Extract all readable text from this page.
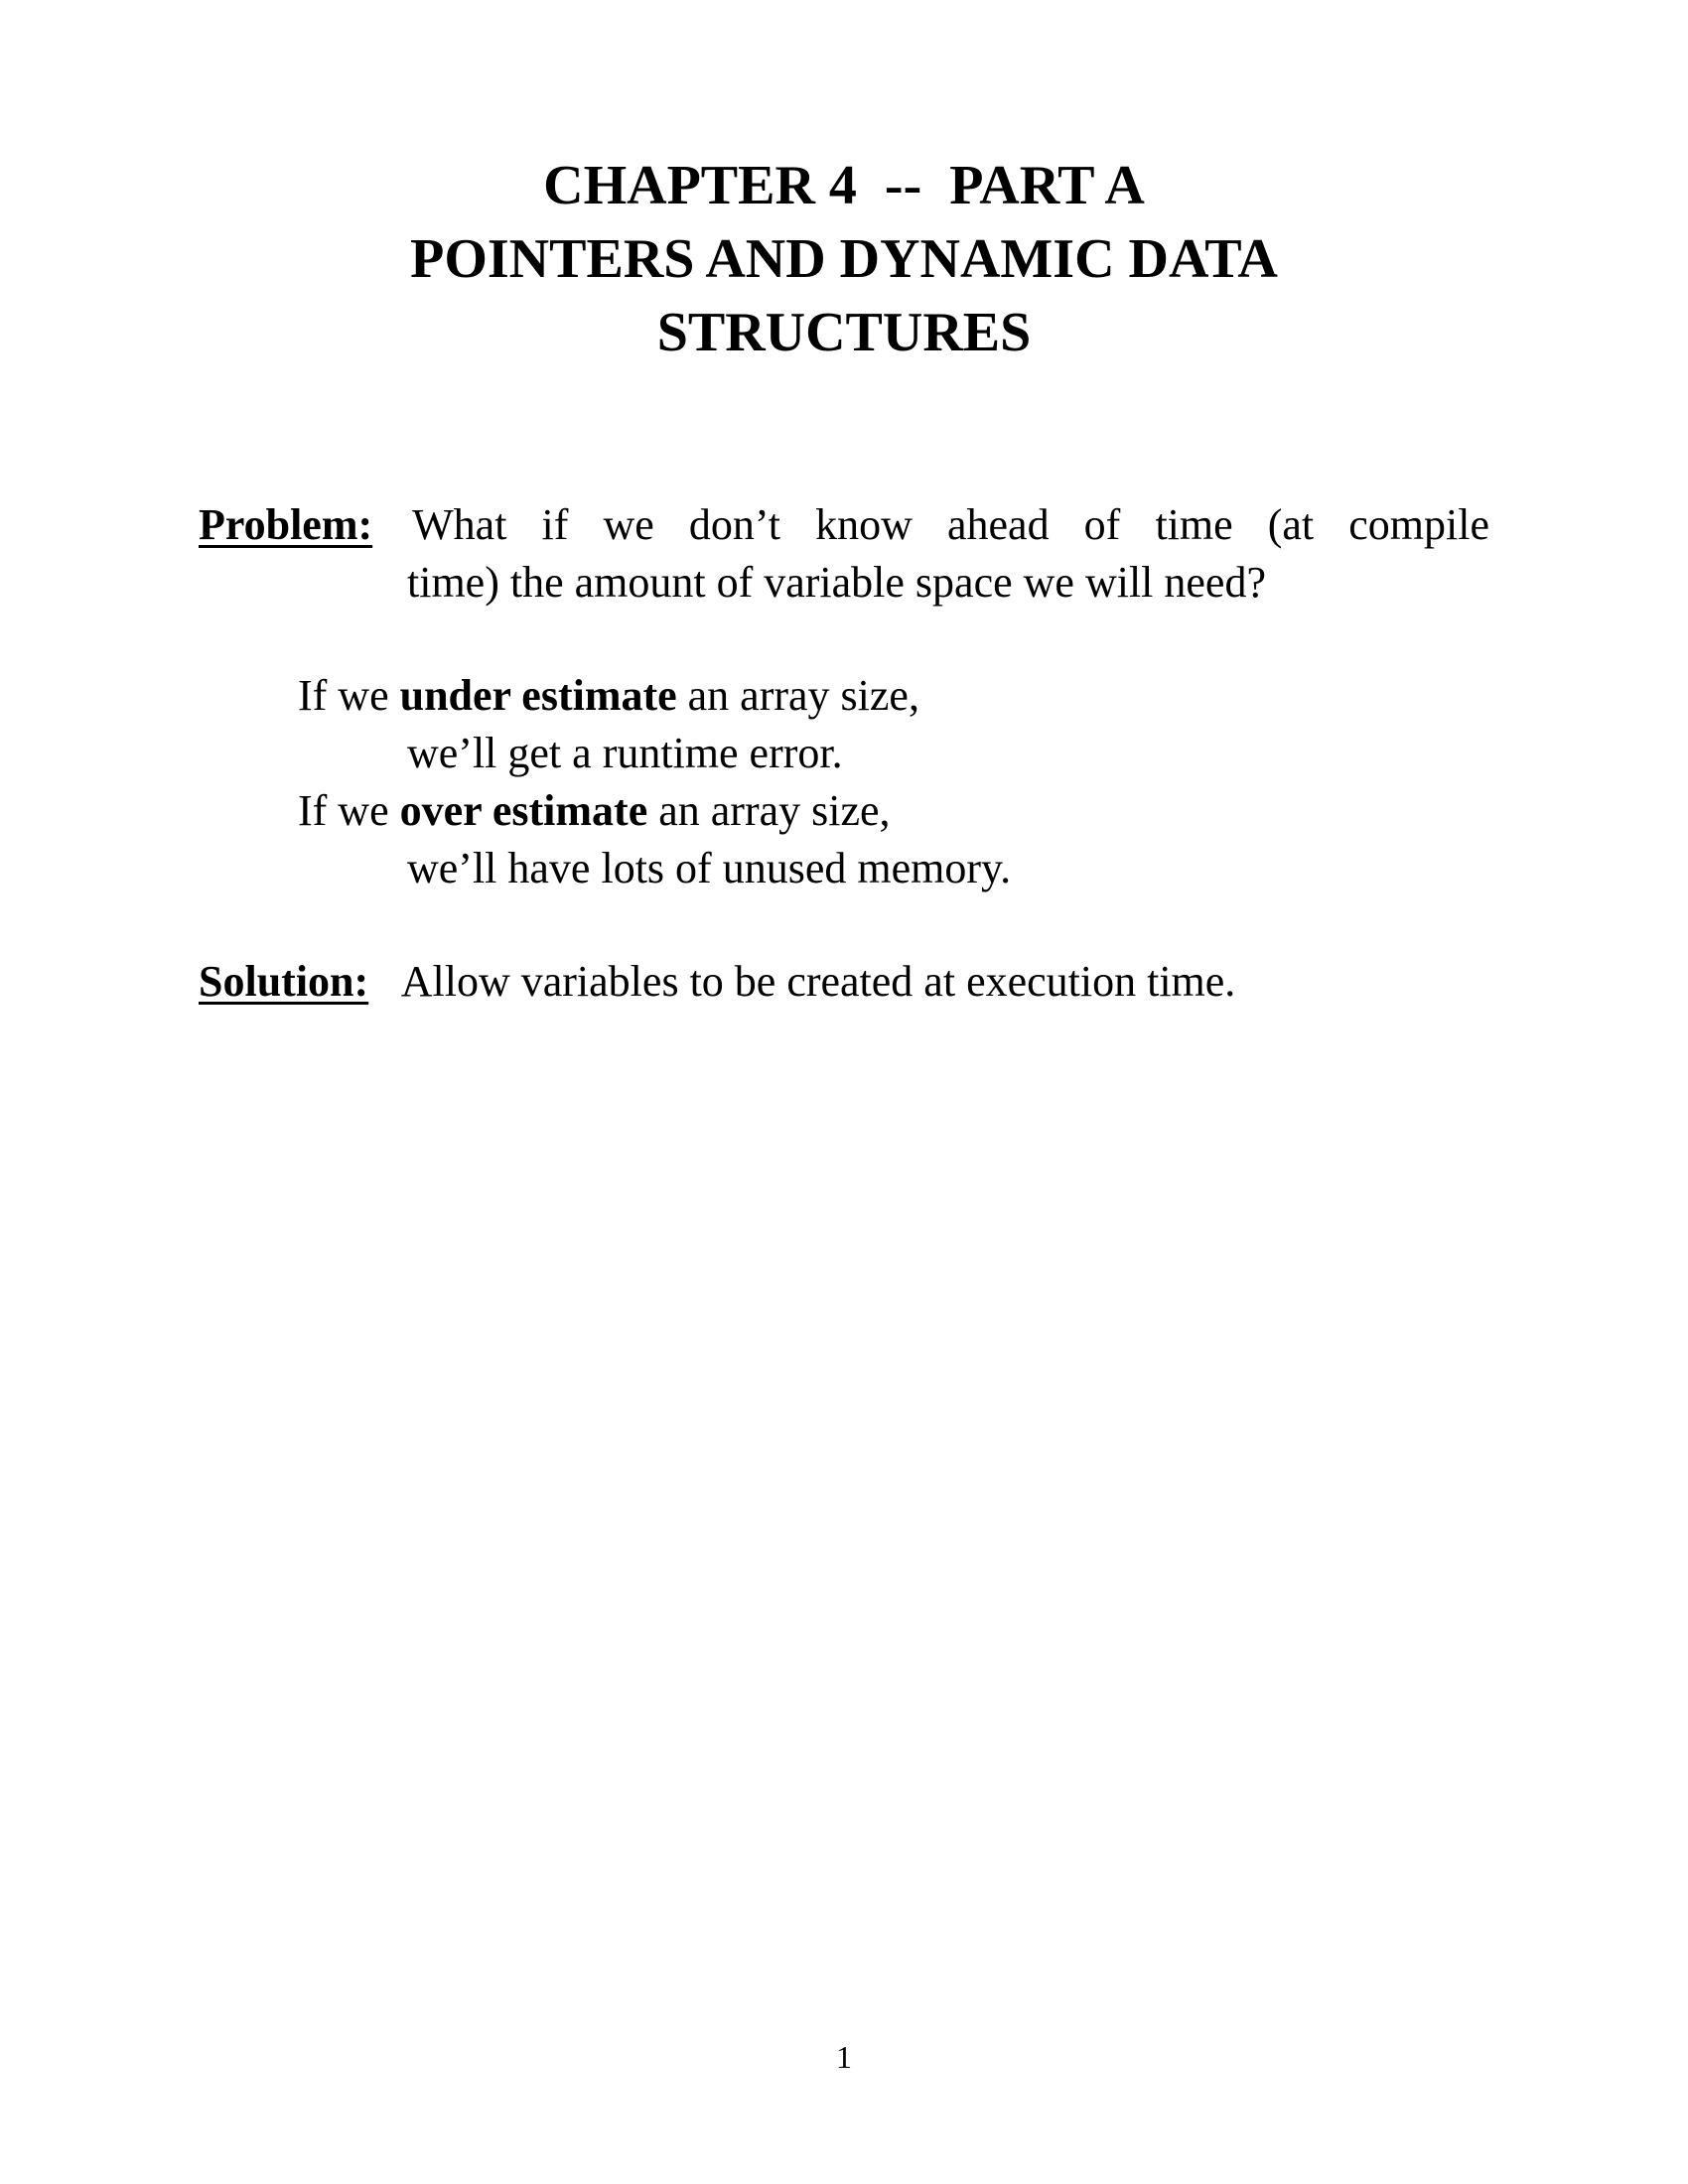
CHAPTER 4  --  PART A
POINTERS AND DYNAMIC DATA
STRUCTURES
Problem: What if we don’t know ahead of time (at compile
time) the amount of variable space we will need?
If we under estimate an array size,
we’ll get a runtime error.
If we over estimate an array size,
we’ll have lots of unused memory.
Solution: Allow variables to be created at execution time.
1
